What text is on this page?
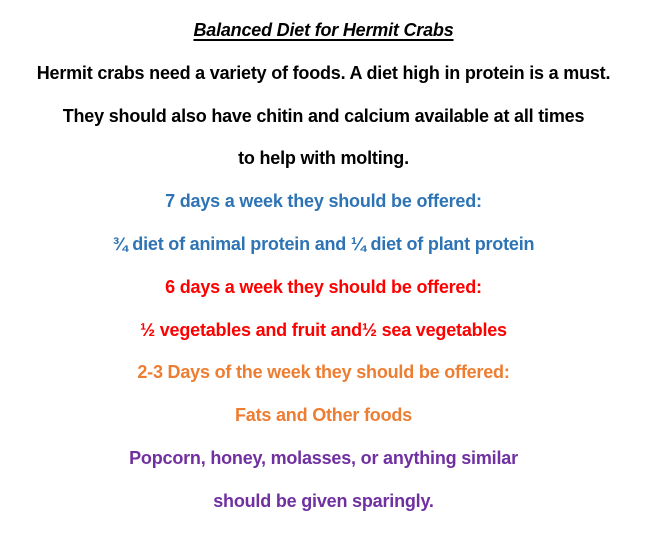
Balanced Diet for Hermit Crabs
Hermit crabs need a variety of foods. A diet high in protein is a must.
They should also have chitin and calcium available at all times
to help with molting.
7 days a week they should be offered:
¾ diet of animal protein and ¼ diet of plant protein
6 days a week they should be offered:
½ vegetables and fruit and½ sea vegetables
2-3 Days of the week they should be offered:
Fats and Other foods
Popcorn, honey, molasses, or anything similar
should be given sparingly.
